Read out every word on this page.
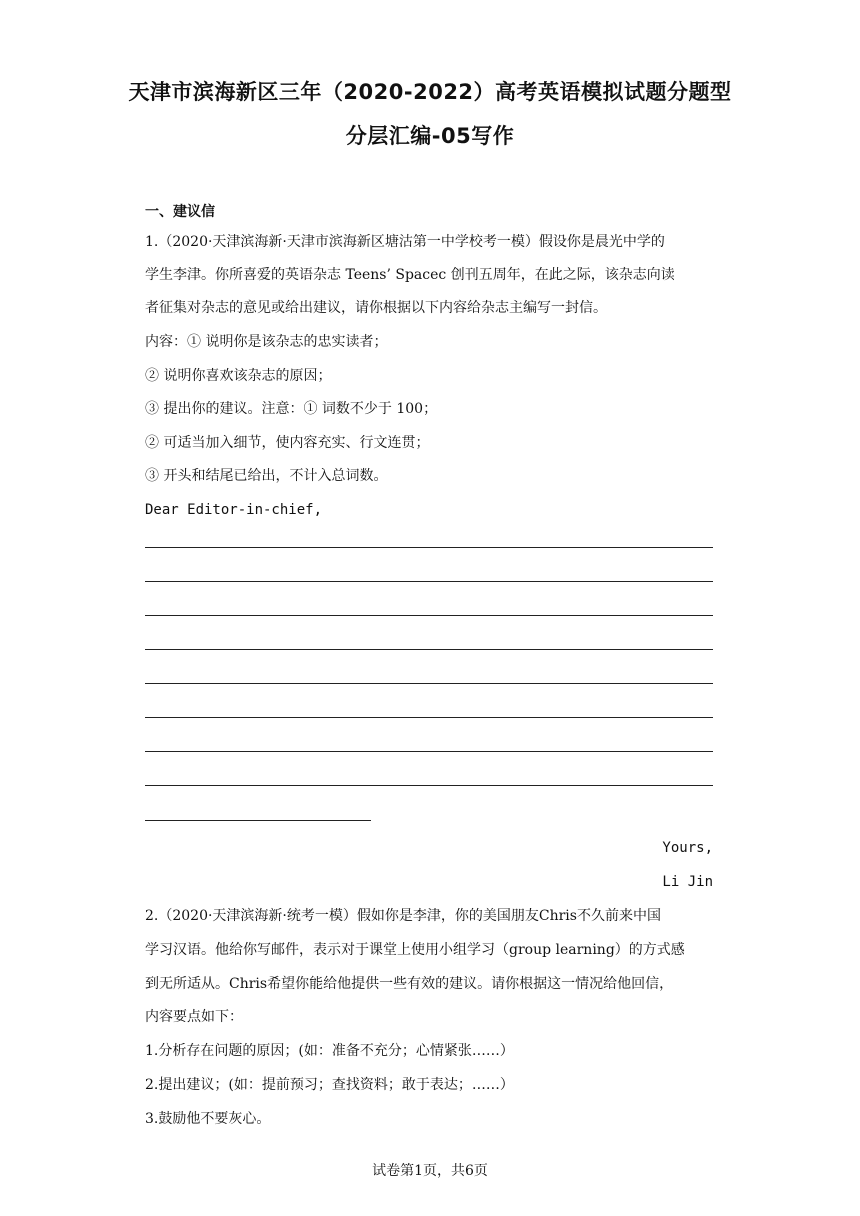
天津市滨海新区三年（2020-2022）高考英语模拟试题分题型
分层汇编-05写作
一、建议信
1.（2020·天津滨海新·天津市滨海新区塘沽第一中学校考一模）假设你是晨光中学的
学生李津。你所喜爱的英语杂志 Teens’ Spacec 创刊五周年，在此之际，该杂志向读
者征集对杂志的意见或给出建议，请你根据以下内容给杂志主编写一封信。
内容：① 说明你是该杂志的忠实读者；
② 说明你喜欢该杂志的原因；
③ 提出你的建议。注意：① 词数不少于 100；
② 可适当加入细节，使内容充实、行文连贯；
③ 开头和结尾已给出，不计入总词数。
Dear Editor-in-chief,
Yours,
Li Jin
2.（2020·天津滨海新·统考一模）假如你是李津，你的美国朋友Chris不久前来中国
学习汉语。他给你写邮件，表示对于课堂上使用小组学习（group learning）的方式感
到无所适从。Chris希望你能给他提供一些有效的建议。请你根据这一情况给他回信，
内容要点如下：
1.分析存在问题的原因；(如：准备不充分；心情紧张……）
2.提出建议；(如：提前预习；查找资料；敢于表达；……）
3.鼓励他不要灰心。
试卷第1页，共6页
